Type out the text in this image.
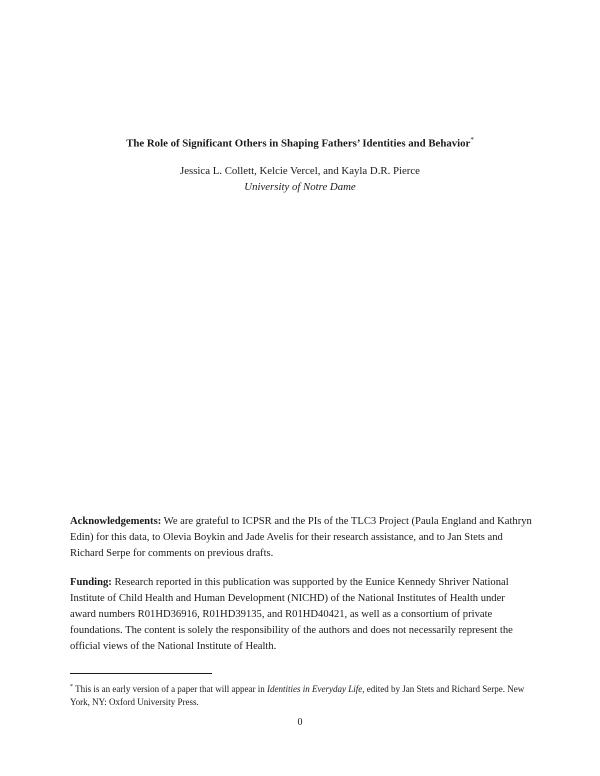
The Role of Significant Others in Shaping Fathers’ Identities and Behavior*
Jessica L. Collett, Kelcie Vercel, and Kayla D.R. Pierce
University of Notre Dame
Acknowledgements: We are grateful to ICPSR and the PIs of the TLC3 Project (Paula England and Kathryn Edin) for this data, to Olevia Boykin and Jade Avelis for their research assistance, and to Jan Stets and Richard Serpe for comments on previous drafts.
Funding: Research reported in this publication was supported by the Eunice Kennedy Shriver National Institute of Child Health and Human Development (NICHD) of the National Institutes of Health under award numbers R01HD36916, R01HD39135, and R01HD40421, as well as a consortium of private foundations. The content is solely the responsibility of the authors and does not necessarily represent the official views of the National Institute of Health.
* This is an early version of a paper that will appear in Identities in Everyday Life, edited by Jan Stets and Richard Serpe. New York, NY: Oxford University Press.
0
